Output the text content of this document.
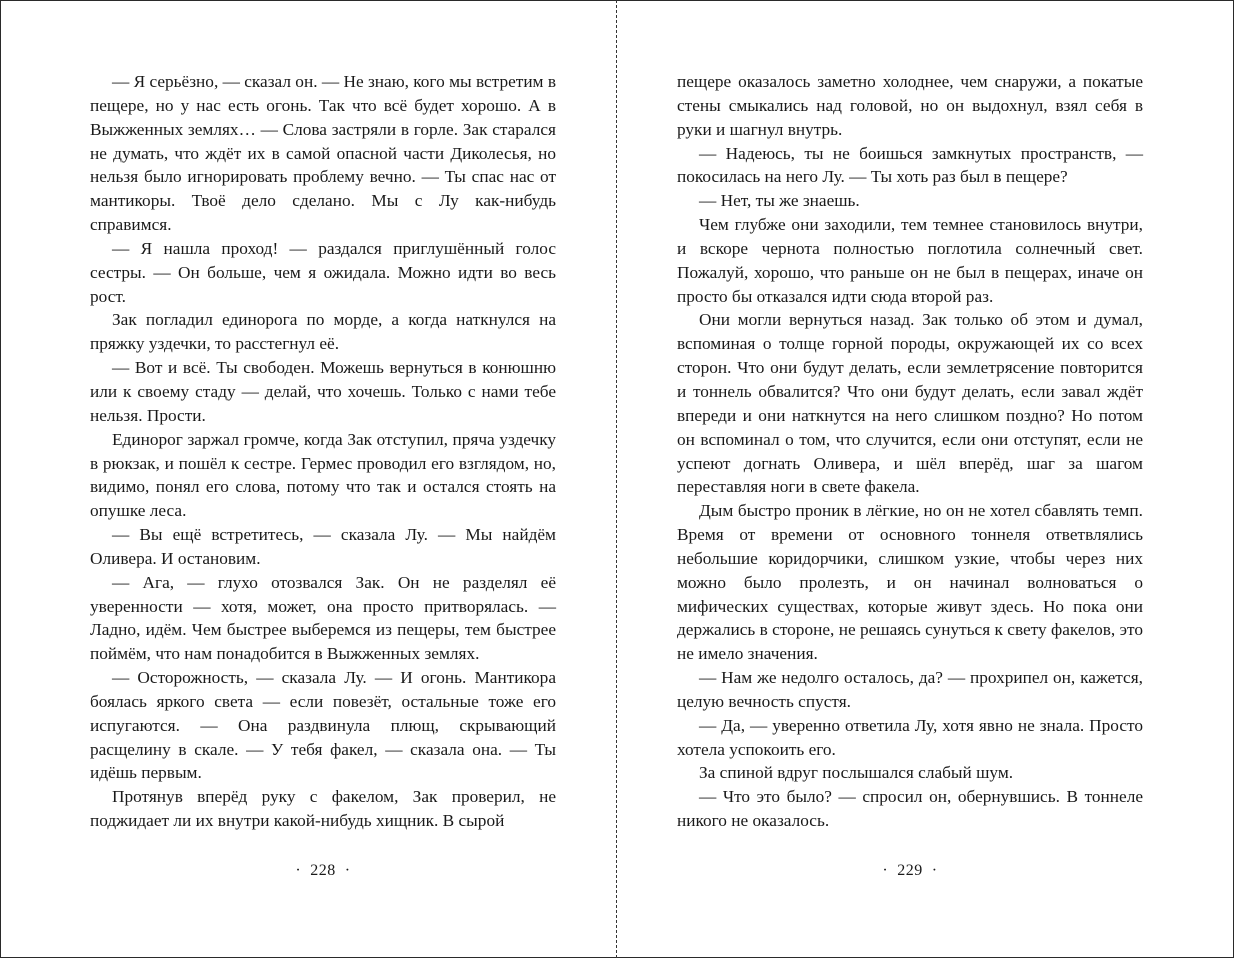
— Я серьёзно, — сказал он. — Не знаю, кого мы встретим в пещере, но у нас есть огонь. Так что всё будет хорошо. А в Выжженных землях… — Слова застряли в горле. Зак старался не думать, что ждёт их в самой опасной части Диколесья, но нельзя было игнорировать проблему вечно. — Ты спас нас от мантикоры. Твоё дело сделано. Мы с Лу как-нибудь справимся.

— Я нашла проход! — раздался приглушённый голос сестры. — Он больше, чем я ожидала. Можно идти во весь рост.

Зак погладил единорога по морде, а когда наткнулся на пряжку уздечки, то расстегнул её.

— Вот и всё. Ты свободен. Можешь вернуться в конюшню или к своему стаду — делай, что хочешь. Только с нами тебе нельзя. Прости.

Единорог заржал громче, когда Зак отступил, пряча уздечку в рюкзак, и пошёл к сестре. Гермес проводил его взглядом, но, видимо, понял его слова, потому что так и остался стоять на опушке леса.

— Вы ещё встретитесь, — сказала Лу. — Мы найдём Оливера. И остановим.

— Ага, — глухо отозвался Зак. Он не разделял её уверенности — хотя, может, она просто притворялась. — Ладно, идём. Чем быстрее выберемся из пещеры, тем быстрее поймём, что нам понадобится в Выжженных землях.

— Осторожность, — сказала Лу. — И огонь. Мантикора боялась яркого света — если повезёт, остальные тоже его испугаются. — Она раздвинула плющ, скрывающий расщелину в скале. — У тебя факел, — сказала она. — Ты идёшь первым.

Протянув вперёд руку с факелом, Зак проверил, не поджидает ли их внутри какой-нибудь хищник. В сырой

пещере оказалось заметно холоднее, чем снаружи, а покатые стены смыкались над головой, но он выдохнул, взял себя в руки и шагнул внутрь.

— Надеюсь, ты не боишься замкнутых пространств, — покосилась на него Лу. — Ты хоть раз был в пещере?

— Нет, ты же знаешь.

Чем глубже они заходили, тем темнее становилось внутри, и вскоре чернота полностью поглотила солнечный свет. Пожалуй, хорошо, что раньше он не был в пещерах, иначе он просто бы отказался идти сюда второй раз.

Они могли вернуться назад. Зак только об этом и думал, вспоминая о толще горной породы, окружающей их со всех сторон. Что они будут делать, если землетрясение повторится и тоннель обвалится? Что они будут делать, если завал ждёт впереди и они наткнутся на него слишком поздно? Но потом он вспоминал о том, что случится, если они отступят, если не успеют догнать Оливера, и шёл вперёд, шаг за шагом переставляя ноги в свете факела.

Дым быстро проник в лёгкие, но он не хотел сбавлять темп. Время от времени от основного тоннеля ответвлялись небольшие коридорчики, слишком узкие, чтобы через них можно было пролезть, и он начинал волноваться о мифических существах, которые живут здесь. Но пока они держались в стороне, не решаясь сунуться к свету факелов, это не имело значения.

— Нам же недолго осталось, да? — прохрипел он, кажется, целую вечность спустя.

— Да, — уверенно ответила Лу, хотя явно не знала. Просто хотела успокоить его.

За спиной вдруг послышался слабый шум.

— Что это было? — спросил он, обернувшись. В тоннеле никого не оказалось.

· 228 ·	· 229 ·
